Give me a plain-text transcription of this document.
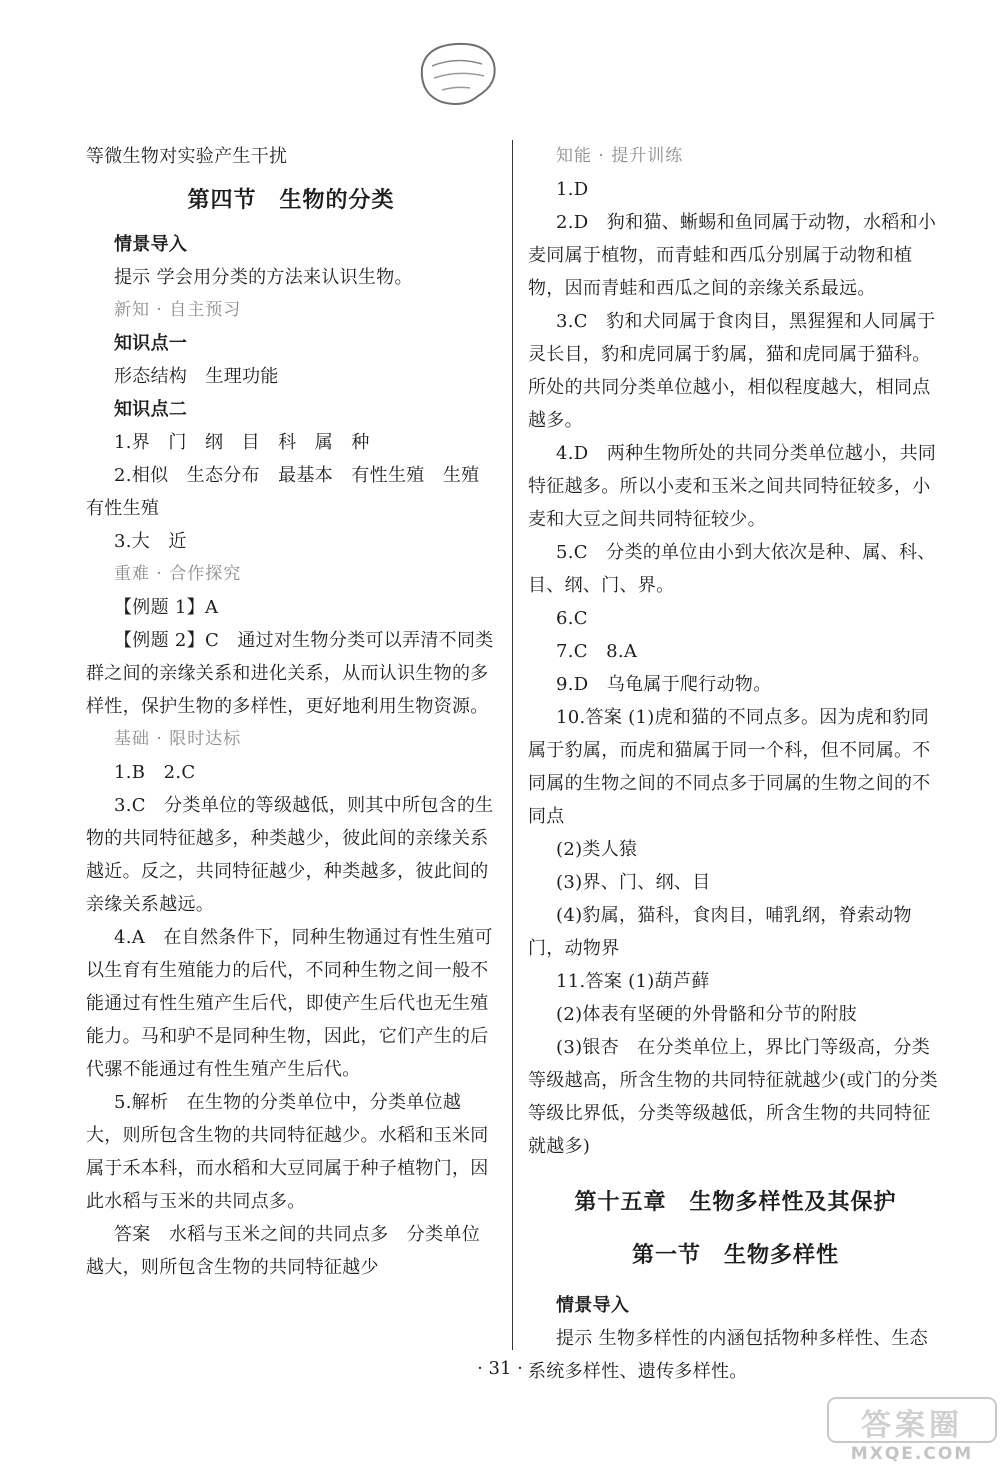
等微生物对实验产生干扰
第四节　生物的分类
情景导入
提示 学会用分类的方法来认识生物。
新知 · 自主预习
知识点一
形态结构　生理功能
知识点二
1.界　门　纲　目　科　属　种
2.相似　生态分布　最基本　有性生殖　生殖　有性生殖
3.大　近
重难 · 合作探究
【例题 1】A
【例题 2】C　通过对生物分类可以弄清不同类群之间的亲缘关系和进化关系，从而认识生物的多样性，保护生物的多样性，更好地利用生物资源。
基础 · 限时达标
1.B　2.C
3.C　分类单位的等级越低，则其中所包含的生物的共同特征越多，种类越少，彼此间的亲缘关系越近。反之，共同特征越少，种类越多，彼此间的亲缘关系越远。
4.A　在自然条件下，同种生物通过有性生殖可以生育有生殖能力的后代，不同种生物之间一般不能通过有性生殖产生后代，即使产生后代也无生殖能力。马和驴不是同种生物，因此，它们产生的后代骡不能通过有性生殖产生后代。
5.解析　在生物的分类单位中，分类单位越大，则所包含生物的共同特征越少。水稻和玉米同属于禾本科，而水稻和大豆同属于种子植物门，因此水稻与玉米的共同点多。
答案　水稻与玉米之间的共同点多　分类单位越大，则所包含生物的共同特征越少
知能 · 提升训练
1.D
2.D　狗和猫、蜥蜴和鱼同属于动物，水稻和小麦同属于植物，而青蛙和西瓜分别属于动物和植物，因而青蛙和西瓜之间的亲缘关系最远。
3.C　豹和犬同属于食肉目，黑猩猩和人同属于灵长目，豹和虎同属于豹属，猫和虎同属于猫科。所处的共同分类单位越小，相似程度越大，相同点越多。
4.D　两种生物所处的共同分类单位越小，共同特征越多。所以小麦和玉米之间共同特征较多，小麦和大豆之间共同特征较少。
5.C　分类的单位由小到大依次是种、属、科、目、纲、门、界。
6.C
7.C　8.A
9.D　乌龟属于爬行动物。
10.答案 (1)虎和猫的不同点多。因为虎和豹同属于豹属，而虎和猫属于同一个科，但不同属。不同属的生物之间的不同点多于同属的生物之间的不同点
(2)类人猿
(3)界、门、纲、目
(4)豹属，猫科，食肉目，哺乳纲，脊索动物门，动物界
11.答案 (1)葫芦藓
(2)体表有坚硬的外骨骼和分节的附肢
(3)银杏　在分类单位上，界比门等级高，分类等级越高，所含生物的共同特征就越少(或门的分类等级比界低，分类等级越低，所含生物的共同特征就越多)
第十五章　生物多样性及其保护
第一节　生物多样性
情景导入
提示 生物多样性的内涵包括物种多样性、生态系统多样性、遗传多样性。
· 31 ·
答案圈
MXQE.COM
